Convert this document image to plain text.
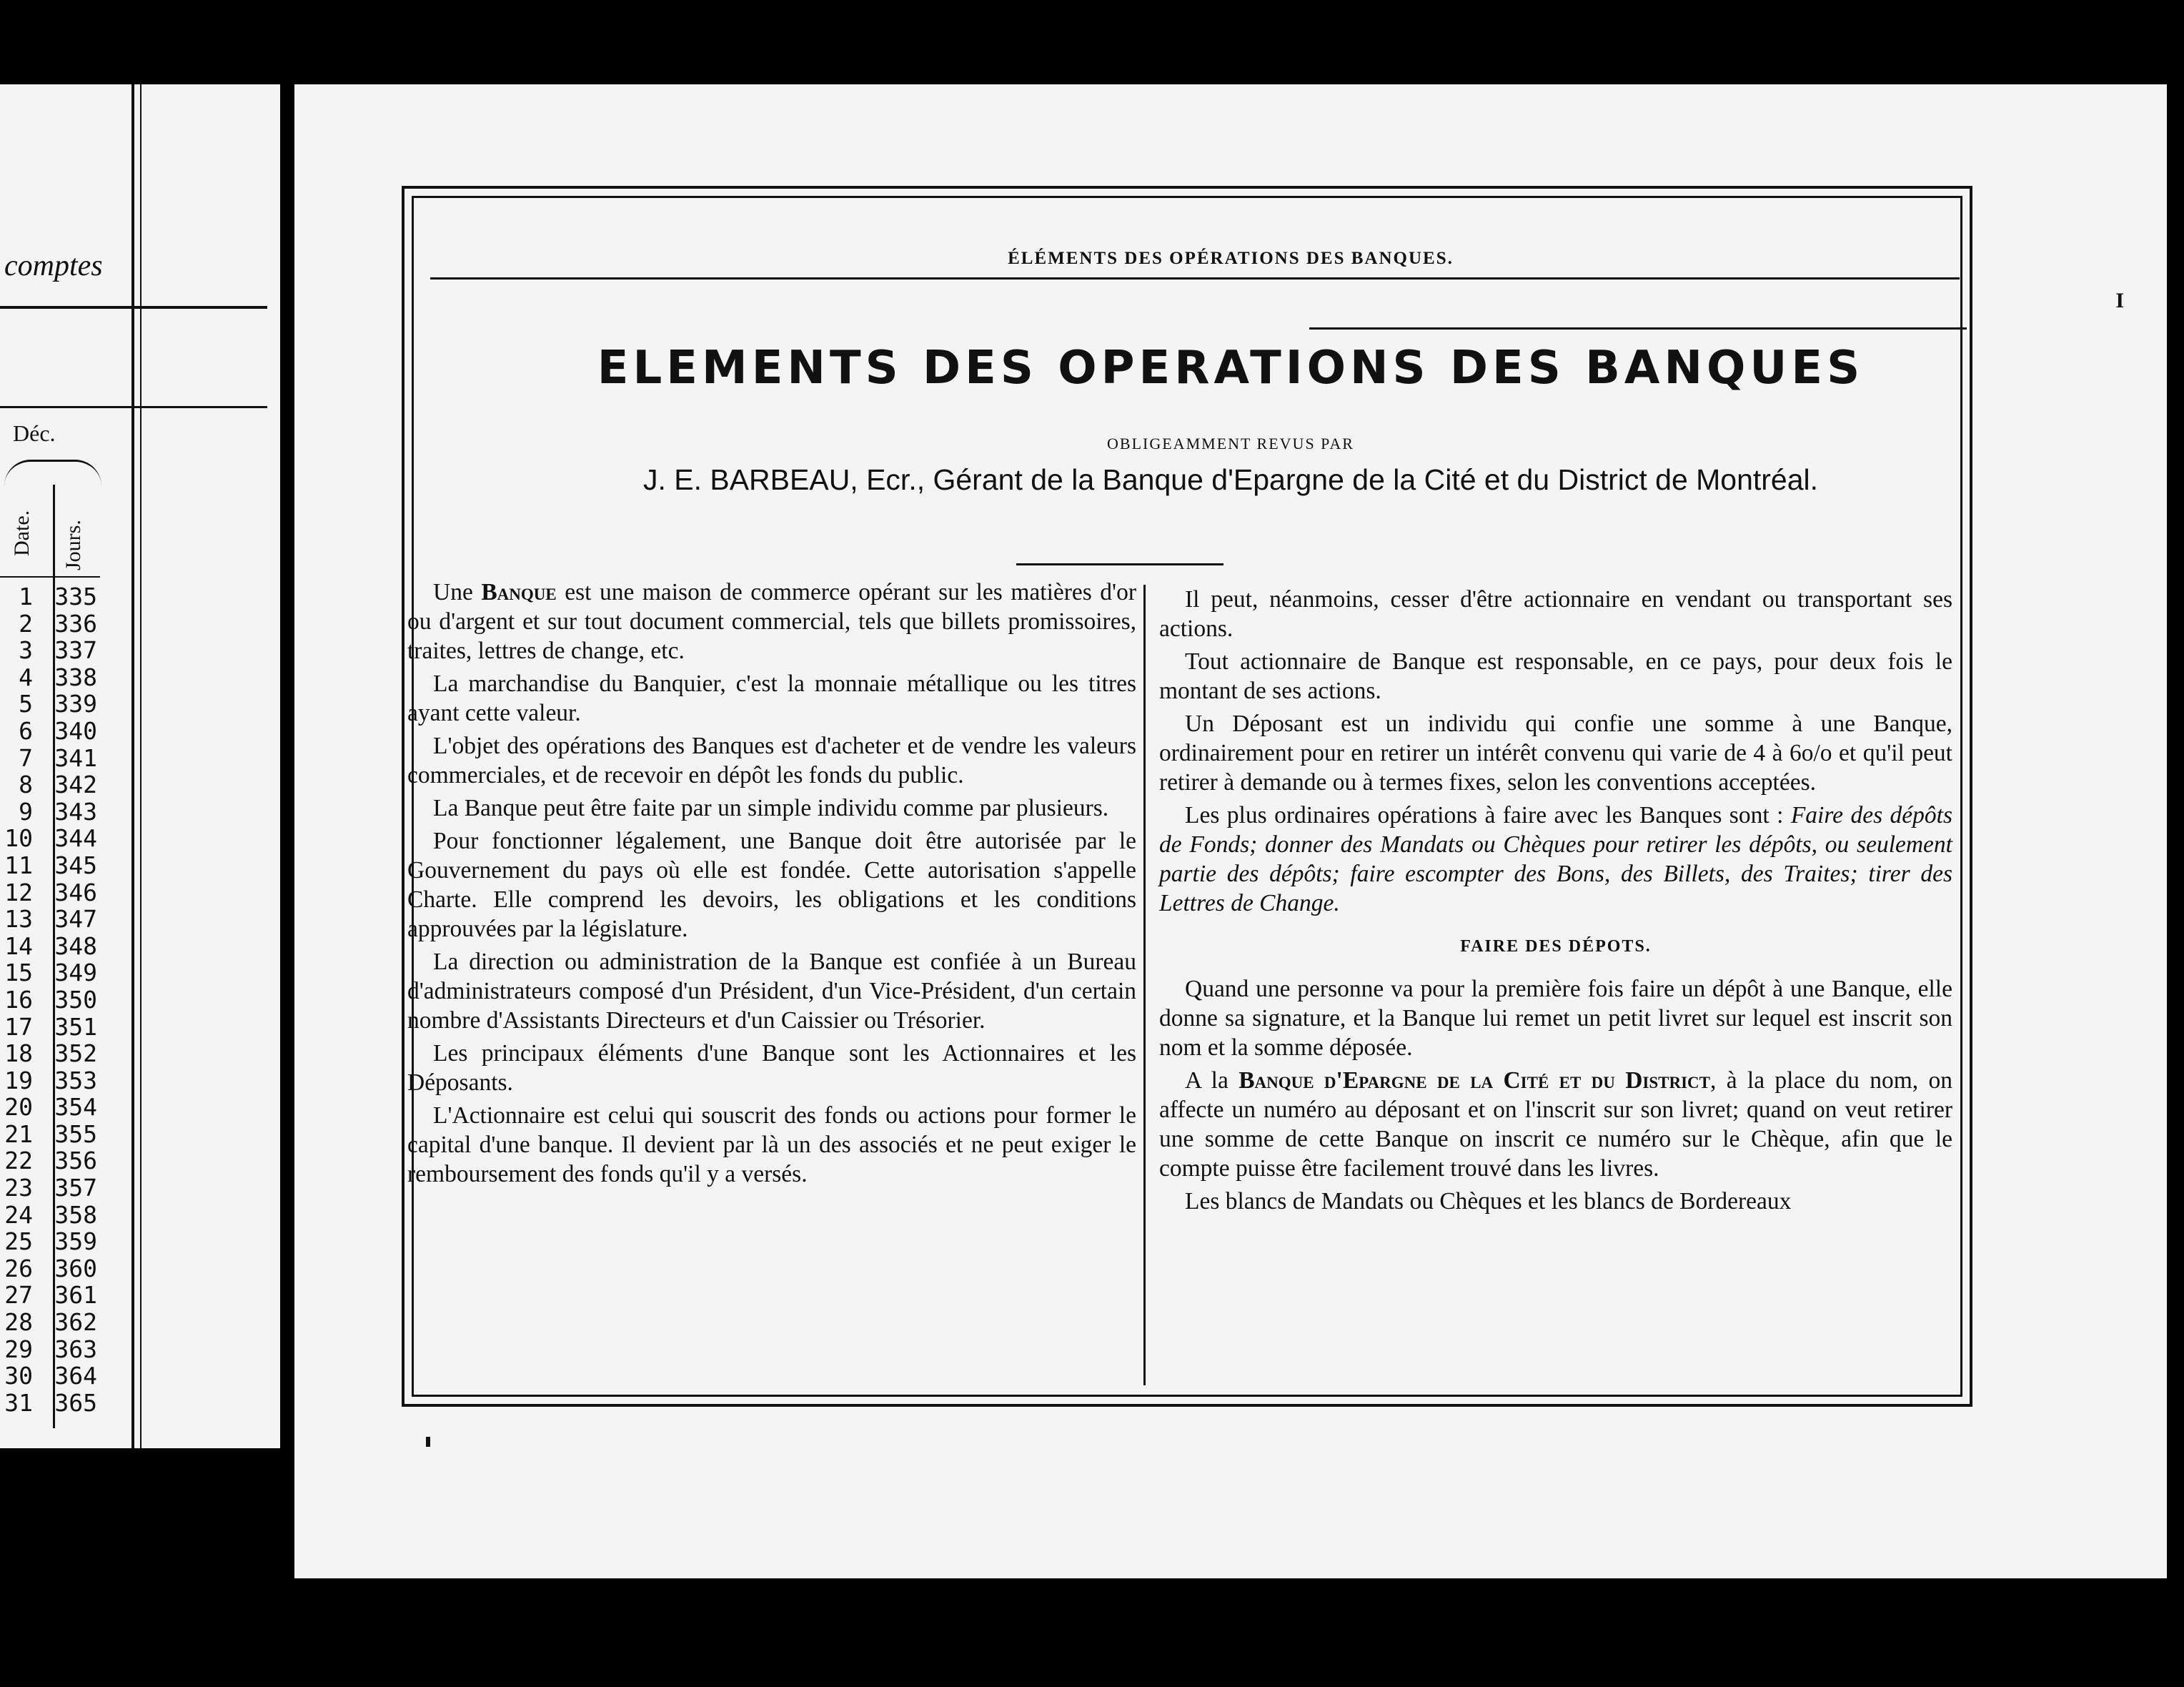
comptes
Déc.
Date. Jours.
1 335
2 336
3 337
4 338
5 339
6 340
7 341
8 342
9 343
10 344
11 345
12 346
13 347
14 348
15 349
16 350
17 351
18 352
19 353
20 354
21 355
22 356
23 357
24 358
25 359
26 360
27 361
28 362
29 363
30 364
31 365
ÉLÉMENTS DES OPÉRATIONS DES BANQUES.
I
ELEMENTS DES OPERATIONS DES BANQUES
OBLIGEAMMENT REVUS PAR
J. E. BARBEAU, Ecr., Gérant de la Banque d'Epargne de la Cité et du District de Montréal.

Une Banque est une maison de commerce opérant sur les matières d'or ou d'argent et sur tout document commercial, tels que billets promissoires, traites, lettres de change, etc.

La marchandise du Banquier, c'est la monnaie métallique ou les titres ayant cette valeur.

L'objet des opérations des Banques est d'acheter et de vendre les valeurs commerciales, et de recevoir en dépôt les fonds du public.

La Banque peut être faite par un simple individu comme par plusieurs.

Pour fonctionner légalement, une Banque doit être autorisée par le Gouvernement du pays où elle est fondée. Cette autorisation s'appelle Charte. Elle comprend les devoirs, les obligations et les conditions approuvées par la législature.

La direction ou administration de la Banque est confiée à un Bureau d'administrateurs composé d'un Président, d'un Vice-Président, d'un certain nombre d'Assistants Directeurs et d'un Caissier ou Trésorier.

Les principaux éléments d'une Banque sont les Actionnaires et les Déposants.

L'Actionnaire est celui qui souscrit des fonds ou actions pour former le capital d'une banque. Il devient par là un des associés et ne peut exiger le remboursement des fonds qu'il y a versés.

Il peut, néanmoins, cesser d'être actionnaire en vendant ou transportant ses actions.

Tout actionnaire de Banque est responsable, en ce pays, pour deux fois le montant de ses actions.

Un Déposant est un individu qui confie une somme à une Banque, ordinairement pour en retirer un intérêt convenu qui varie de 4 à 6o/o et qu'il peut retirer à demande ou à termes fixes, selon les conventions acceptées.

Les plus ordinaires opérations à faire avec les Banques sont : Faire des dépôts de Fonds; donner des Mandats ou Chèques pour retirer les dépôts, ou seulement partie des dépôts; faire escompter des Bons, des Billets, des Traites; tirer des Lettres de Change.

FAIRE DES DÉPOTS.

Quand une personne va pour la première fois faire un dépôt à une Banque, elle donne sa signature, et la Banque lui remet un petit livret sur lequel est inscrit son nom et la somme déposée.

A la Banque d'Epargne de la Cité et du District, à la place du nom, on affecte un numéro au déposant et on l'inscrit sur son livret; quand on veut retirer une somme de cette Banque on inscrit ce numéro sur le Chèque, afin que le compte puisse être facilement trouvé dans les livres.

Les blancs de Mandats ou Chèques et les blancs de Bordereaux
